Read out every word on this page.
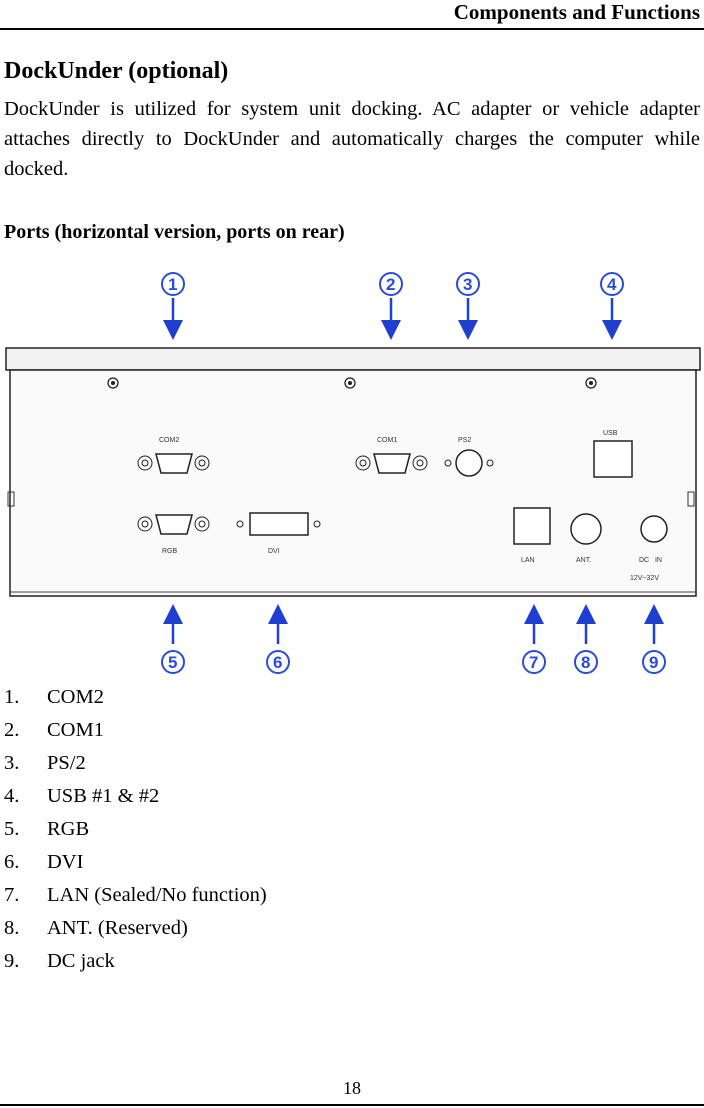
Components and Functions
DockUnder (optional)
DockUnder is utilized for system unit docking. AC adapter or vehicle adapter attaches directly to DockUnder and automatically charges the computer while docked.
Ports (horizontal version, ports on rear)
COM2	COM1	PS2
USB
RGB	DVI
LAN	ANT.	DC   IN
12V~32V
1	2	3	4
5	6	7	8	9
1. COM2
2. COM1
3. PS/2
4. USB #1 & #2
5. RGB
6. DVI
7. LAN (Sealed/No function)
8. ANT. (Reserved)
9. DC jack
18
